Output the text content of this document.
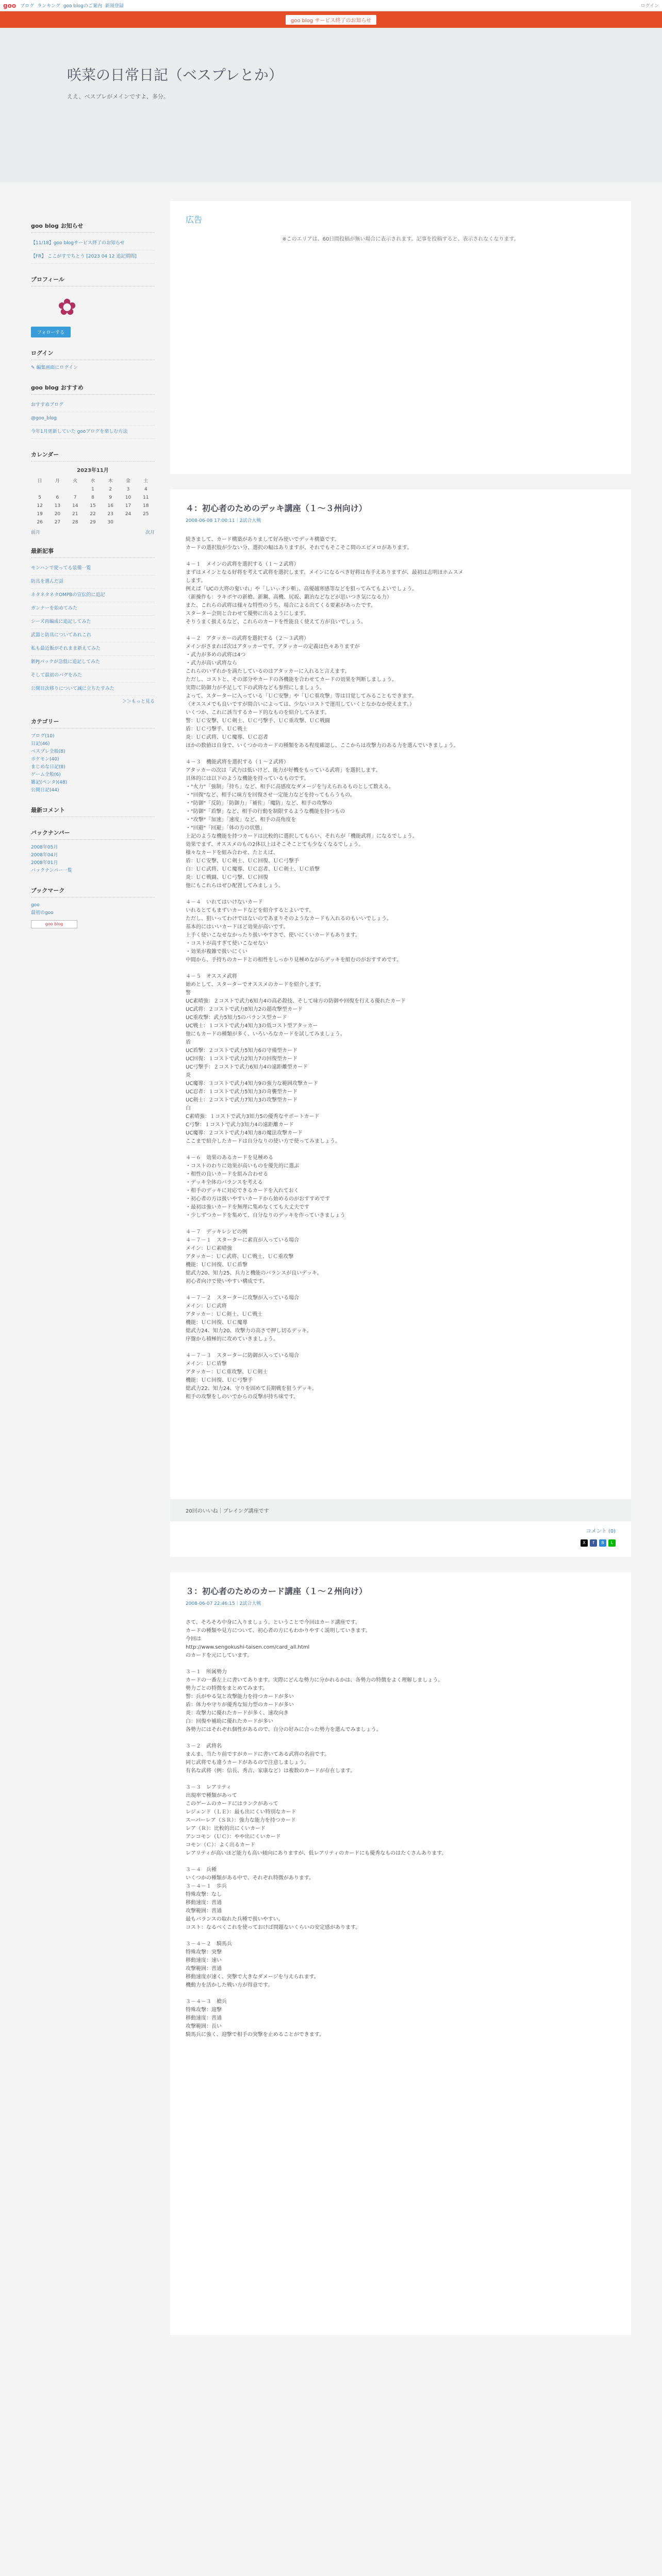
goo ブログ ランキング goo blogのご案内 新規登録	ログイン
goo blog サービス終了のお知らせ
咲菜の日常日記（ベスプレとか）
ええ、ベスプレがメインですよ、多分。
goo blog お知らせ
【11/18】goo blogサービス終了のお知らせ
【FR】 ここがすでちとう [2023 04 12 追記期間]
プロフィール
✿
フォローする
ログイン
✎ 編集画面にログイン
goo blog おすすめ
おすすめブログ
@goo_blog
今年1月更新していた gooブログを楽しむ方法
カレンダー
2023年11月
日	月	火	水	木	金	土
			1	2	3	4
5	6	7	8	9	10	11
12	13	14	15	16	17	18
19	20	21	22	23	24	25
26	27	28	29	30		
前月	次月
最新記事
モンハンで使ってる装備一覧
防具を選んだ話
ネタネタネタOMPBの宣伝的に追記
ガンナーを始めてみた
シーズ再編成に追記してみた
武器と防具についてあれこれ
私も最近飯がそれまま新えてみた
新PJパックが急低に追記してみた
そして最初のバグをみた
公開目次移りについて誠に立ちたすみた
＞＞もっと見る
カテゴリー
ブログ(10)
日記(46)
ベスプレ全般(8)
ポケモン(40)
まじめな日記(8)
ゲーム全般(6)
雑記(ペンタ)(48)
公開日記(44)
最新コメント
バックナンバー
2008年05月
2008年04月
2008年01月
バックナンバー一覧
ブックマーク
goo
最初のgoo
goo blog
広告
※このエリアは、60日間投稿が無い場合に表示されます。記事を投稿すると、表示されなくなります。
４：初心者のためのデッキ講座（１～３州向け）
2008-06-08 17:00:11｜2試合大戦

続きまして、カード構築がありまして好み使いでデッキ構築です。
カードの選択肢が少ない分、選択の幅はありますが、それでもそこそこ問のエピメロがあります。

４－１　メインの武将を選択する（１～２武将）
まずはメインとなる好将を考えて武将を選択します。メインになるべき好将は布手えありますが、最初は志明ほホムスメ
します。
例えば「UCの大将の鬼いれ」や「しいぃオシ斬」、高優越寒感等などを狙ってみてもよいでしょう。
（新操作も：ラキポヤの新槍、新鋼、高機、尻坂、鍛冶などなどが思いつき気になる力）
また、これらの武将は様々な特性のうち、場合による出てくる要素があったです。
スターター会則と合わせて優勢に出るようにします。
そりうまく扱えるなど、これらのカードを性能良く使えて方が良いでしょう。

４－２　アタッカーの武将を選択する（２～３武将）
メインがさまれば次はアタッカーです。アタッカーの定義は色々ありますが
・武力が多めの武将は4つ
・武力が高い武将なら
これらのいずれかを満たしているのはアタッカーに入れると言えます。
ただし、コストと、その部分やカードの各機能を合わせてカードの効果を判断しましょう。
実際に防御力が不足して下の武将なども参照にしましょう。
よって、スターターに入っている「ＵＣ安撃」や「ＵＣ重攻撃」等は目覚してみることもできます。
（オススメでも良いですが間合いによっては、少ないコストで運用していくとなかなか使えます。）
いくつか、これに該当するカード的なものを紹介してみます。
警：ＵＣ安撃、ＵＣ剣士、ＵＣ弓撃手、ＵＣ重攻撃、ＵＣ戦闘
盾：ＵＣ弓撃手、ＵＣ戦士
炎：ＵＣ武将、ＵＣ魔導、ＵＣ忍者
ほかの数値は自身で、いくつかのカードの種類をある程度確認し、ここからは攻撃力のある力を選んでいきましょう。

４－３　機能武将を選択する（１～２武将）
アタッカーの次は「武力は低いけど、能力が好機をもっている武将」を選択します。
具体的には以下のような機能を持っているものです。
・"火力"「強制」「持ち」など、相手に高感度なダメージを与えられるものとして数える。
・"回復"など、相手に味方を回復させ一定能力などを持ってもらうもの。
・"防御"「反防」「防御力」「補佐」「魔防」など、相手の攻撃の
・"防御"「盾撃」など、相手の行動を制限するような機能を持つもの
・"攻撃"「加速」「速度」など、相手の高角度を
・"回避"「回避」「体の方の状態」
上記のような機能を持つカードは比較的に選択してもらい、それらが「機能武将」になるでしょう。
効果でまず、オススメのもの2体以上はそこそことても少なくなるでしょう。
様々なカードを組み合わせ、たとえば、
盾：ＵＣ安撃、ＵＣ剣士、ＵＣ回復、ＵＣ弓撃手
白：ＵＣ武将、ＵＣ魔導、ＵＣ忍者、ＵＣ剣士、ＵＣ盾撃
炎：ＵＣ戦闘、ＵＣ弓撃、ＵＣ回復
他にもこれらはぜひ配置してみましょう。

４－４　いれてはいけないカード
いれるとてもまずいカードなどを紹介するとよいです。
ただし、狙いってわけではないのであまりそのようなカードも入れるのもいいでしょう。
基本的にはいいカードほど効果が高いです。
上手く使いこなせなかったり扱いやすさで、使いにくいカードもあります。
・コストが高すぎて使いこなせない
・効果が複雑で扱いにくい
中間から、手持ちのカードとの相性をしっかり見極めながらデッキを組むのがおすすめです。

４－５　オススメ武将
始めとして、スターターでオススメのカードを紹介します。
警
UC素晴強：２コストで武力6知力4の高必殺技、そして味方の防御や回復を行える優れたカード
UC武将：２コストで武力8知力2の超攻撃型カード
UC重攻撃：武力5知力5のバランス型カード
UC戦士：１コストで武力4知力3の低コスト型アタッカー
他にもカードの種類が多く、いろいろなカードを試してみましょう。
盾
UC盾撃：２コストで武力5知力6の守備型カード
UC回復：１コストで武力2知力7の回復型カード
UC弓撃手：２コストで武力6知力4の遠距離型カード
炎
UC魔導：３コストで武力4知力9の強力な範囲攻撃カード
UC忍者：１コストで武力5知力3の奇襲型カード
UC剣士：２コストで武力7知力3の攻撃型カード
白
C素晴強：１コストで武力3知力5の優秀なサポートカード
C弓撃：１コストで武力3知力4の遠距離カード
UC魔導：２コストで武力4知力8の魔法攻撃カード
ここまで紹介したカードは自分なりの使い方で使ってみましょう。

４－６　効果のあるカードを見極める
・コストのわりに効果が高いものを優先的に選ぶ
・相性の良いカードを組み合わせる
・デッキ全体のバランスを考える
・相手のデッキに対応できるカードを入れておく
・初心者の方は扱いやすいカードから始めるのがおすすめです
・最初は強いカードを無理に集めなくても大丈夫です
・少しずつカードを集めて、自分なりのデッキを作っていきましょう

４－７　デッキレシピの例
４－７－１　スターターに素直が入っている場合
メイン：ＵＣ素晴強
アタッカー：ＵＣ武将、ＵＣ戦士、ＵＣ重攻撃
機能：ＵＣ回復、ＵＣ盾撃
総武力20、知力25、兵力と機能のバランスが良いデッキ。
初心者向けで使いやすい構成です。

４－７－２　スターターに攻撃が入っている場合
メイン：ＵＣ武将
アタッカー：ＵＣ剣士、ＵＣ戦士
機能：ＵＣ回復、ＵＣ魔導
総武力24、知力20、攻撃力の高さで押し切るデッキ。
序盤から積極的に攻めていきましょう。

４－７－３　スターターに防御が入っている場合
メイン：ＵＣ盾撃
アタッカー：ＵＣ重攻撃、ＵＣ剣士
機能：ＵＣ回復、ＵＣ弓撃手
総武力22、知力24、守りを固めて長期戦を狙うデッキ。
相手の攻撃をしのいでからの反撃が持ち味です。

20回のいいね｜ブレイング講座です
コメント (0)
X	f	B	L
３：初心者のためのカード講座（１～２州向け）
2008-06-07 22:46:15｜2試合大戦

さて、そろそろ中身に入りましょう。ということで今回はカード講座です。
カードの種類や見方について、初心者の方にもわかりやすく説明していきます。
今回は
http://www.sengokushi-taisen.com/card_all.html
のカードを元にしています。

３－１　所属勢力
カードの一番左上に書いてあります。実際にどんな勢力に分かれるかは、各勢力の特徴をよく理解しましょう。
勢力ごとの特徴をまとめてみます。
警：兵がやる気と攻撃能力を持つカードが多い
盾：体力や守りが優秀な知力型のカードが多い
炎：攻撃力に優れたカードが多く、速攻向き
白：回復や補助に優れたカードが多い
各勢力にはそれぞれ個性があるので、自分の好みに合った勢力を選んでみましょう。

３－２　武将名
まんま、当たり前ですがカードに書いてある武将の名前です。
同じ武将でも違うカードがあるので注意しましょう。
有名な武将（例：信長、秀吉、家康など）は複数のカードが存在します。

３－３　レアリティ
出現率で種類があって
このゲームのカードにはランクがあって
レジェンド（ＬＥ）：最も出にくい特別なカード
スーパーレア（ＳＲ）：強力な能力を持つカード
レア（Ｒ）：比較的出にくいカード
アンコモン（ＵＣ）：やや出にくいカード
コモン（Ｃ）：よく出るカード
レアリティが高いほど能力も高い傾向にありますが、低レアリティのカードにも優秀なものはたくさんあります。

３－４　兵種
いくつかの種類がある中で、それぞれ特徴があります。
３－４－１　歩兵
特殊攻撃：なし
移動速度：普通
攻撃範囲：普通
最もバランスの取れた兵種で扱いやすい。
コスト：なるべくこれを使っておけば問題ないくらいの安定感があります。

３－４－２　騎馬兵
特殊攻撃：突撃
移動速度：速い
攻撃範囲：普通
移動速度が速く、突撃で大きなダメージを与えられます。
機動力を活かした戦い方が得意です。

３－４－３　槍兵
特殊攻撃：迎撃
移動速度：普通
攻撃範囲：長い
騎馬兵に強く、迎撃で相手の突撃を止めることができます。
